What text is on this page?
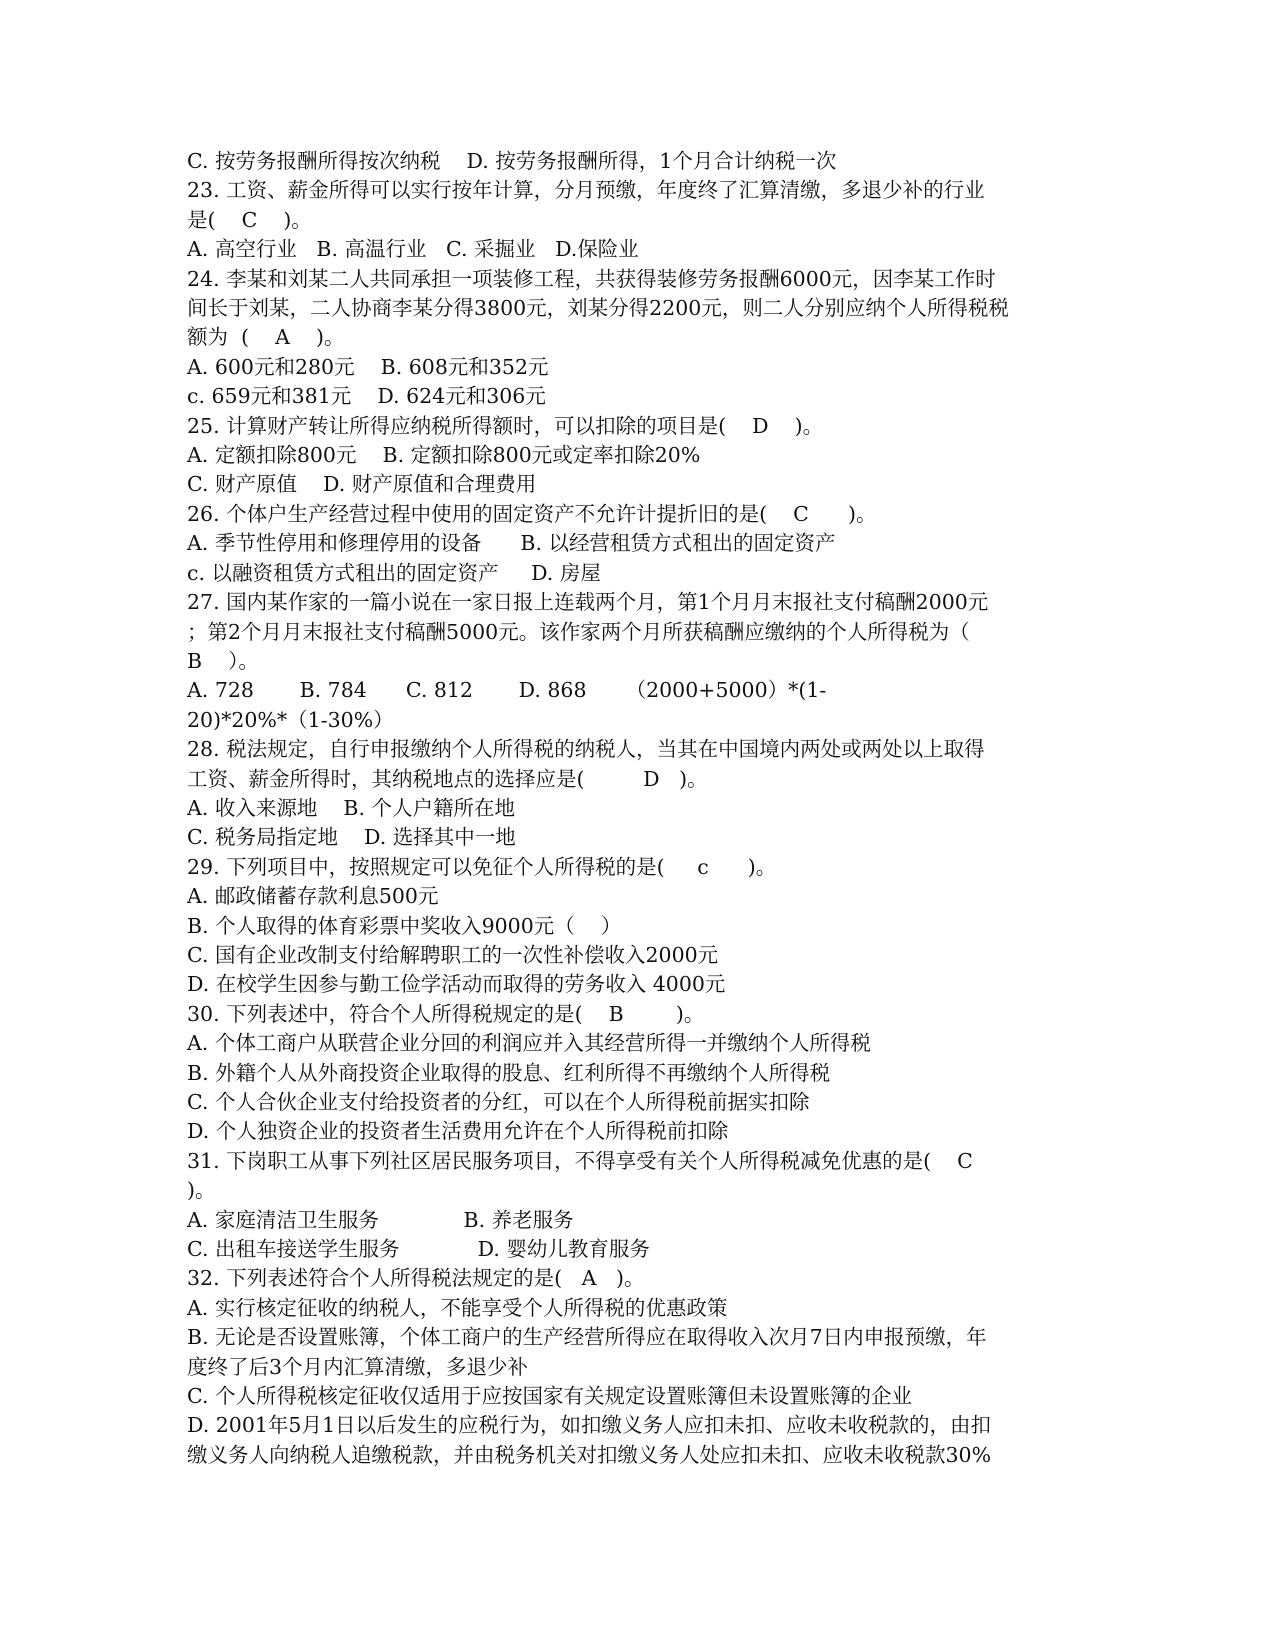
C. 按劳务报酬所得按次纳税    D. 按劳务报酬所得，1个月合计纳税一次
23. 工资、薪金所得可以实行按年计算，分月预缴，年度终了汇算清缴，多退少补的行业
是(    C    )。
A. 高空行业   B. 高温行业   C. 采掘业   D.保险业
24. 李某和刘某二人共同承担一项装修工程，共获得装修劳务报酬6000元，因李某工作时
间长于刘某，二人协商李某分得3800元，刘某分得2200元，则二人分别应纳个人所得税税
额为  (    A    )。
A. 600元和280元    B. 608元和352元
c. 659元和381元    D. 624元和306元
25. 计算财产转让所得应纳税所得额时，可以扣除的项目是(    D    )。
A. 定额扣除800元    B. 定额扣除800元或定率扣除20%
C. 财产原值    D. 财产原值和合理费用
26. 个体户生产经营过程中使用的固定资产不允许计提折旧的是(    C      )。
A. 季节性停用和修理停用的设备      B. 以经营租赁方式租出的固定资产
c. 以融资租赁方式租出的固定资产     D. 房屋
27. 国内某作家的一篇小说在一家日报上连载两个月，第1个月月末报社支付稿酬2000元
；第2个月月末报社支付稿酬5000元。该作家两个月所获稿酬应缴纳的个人所得税为（
B    ）。
A. 728       B. 784      C. 812       D. 868      （2000+5000）*(1-
20)*20%*（1-30%）
28. 税法规定，自行申报缴纳个人所得税的纳税人，当其在中国境内两处或两处以上取得
工资、薪金所得时，其纳税地点的选择应是(         D   )。
A. 收入来源地    B. 个人户籍所在地
C. 税务局指定地    D. 选择其中一地
29. 下列项目中，按照规定可以免征个人所得税的是(     c      )。
A. 邮政储蓄存款利息500元
B. 个人取得的体育彩票中奖收入9000元（    ）
C. 国有企业改制支付给解聘职工的一次性补偿收入2000元
D. 在校学生因参与勤工俭学活动而取得的劳务收入 4000元
30. 下列表述中，符合个人所得税规定的是(    B        )。
A. 个体工商户从联营企业分回的利润应并入其经营所得一并缴纳个人所得税
B. 外籍个人从外商投资企业取得的股息、红利所得不再缴纳个人所得税
C. 个人合伙企业支付给投资者的分红，可以在个人所得税前据实扣除
D. 个人独资企业的投资者生活费用允许在个人所得税前扣除
31. 下岗职工从事下列社区居民服务项目，不得享受有关个人所得税减免优惠的是(    C
)。
A. 家庭清洁卫生服务             B. 养老服务
C. 出租车接送学生服务            D. 婴幼儿教育服务
32. 下列表述符合个人所得税法规定的是(   A   )。
A. 实行核定征收的纳税人，不能享受个人所得税的优惠政策
B. 无论是否设置账簿，个体工商户的生产经营所得应在取得收入次月7日内申报预缴，年
度终了后3个月内汇算清缴，多退少补
C. 个人所得税核定征收仅适用于应按国家有关规定设置账簿但未设置账簿的企业
D. 2001年5月1日以后发生的应税行为，如扣缴义务人应扣未扣、应收未收税款的，由扣
缴义务人向纳税人追缴税款，并由税务机关对扣缴义务人处应扣未扣、应收未收税款30%
